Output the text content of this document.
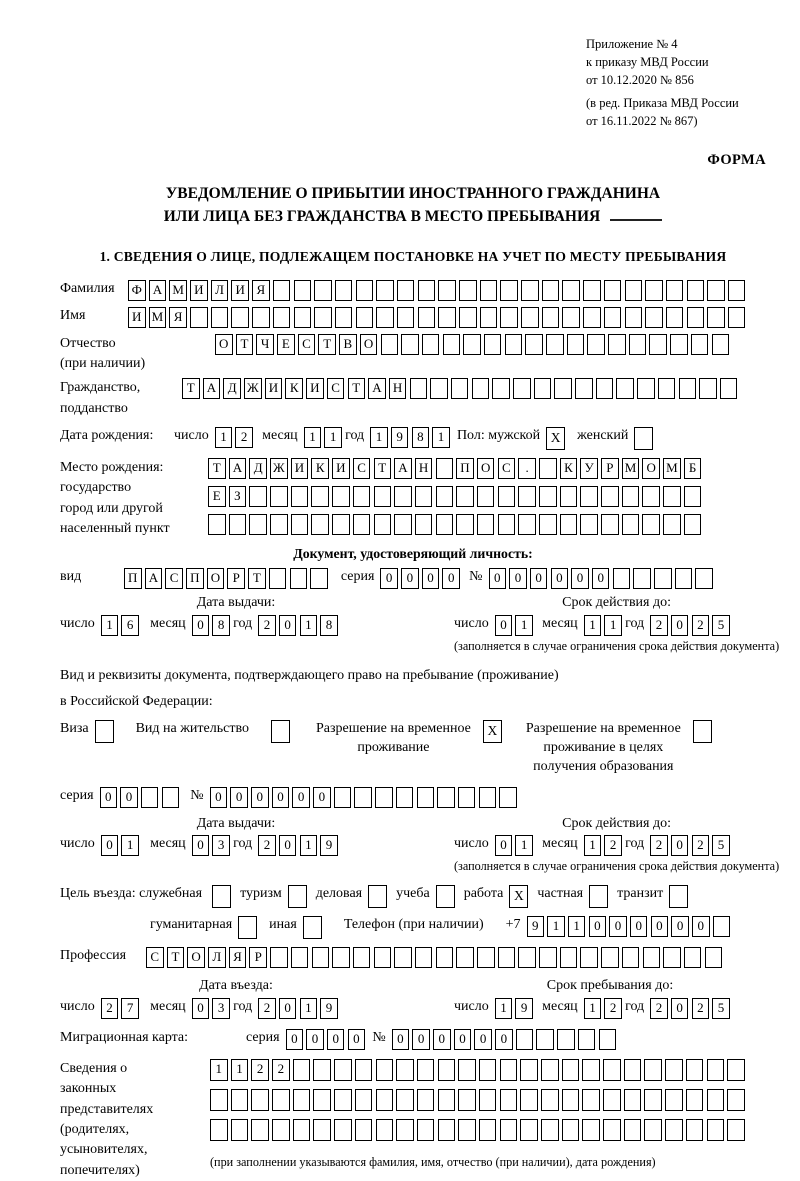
Приложение № 4
к приказу МВД России
от 10.12.2020 № 856
(в ред. Приказа МВД России
от 16.11.2022 № 867)
ФОРМА
УВЕДОМЛЕНИЕ О ПРИБЫТИИ ИНОСТРАННОГО ГРАЖДАНИНА
ИЛИ ЛИЦА БЕЗ ГРАЖДАНСТВА В МЕСТО ПРЕБЫВАНИЯ
1. СВЕДЕНИЯ О ЛИЦЕ, ПОДЛЕЖАЩЕМ ПОСТАНОВКЕ НА УЧЕТ ПО МЕСТУ ПРЕБЫВАНИЯ
Фамилия	Ф А М И Л И Я
Имя	И М Я
Отчество
(при наличии)
О Т Ч Е С Т В О
Гражданство,
подданство
Т А Д Ж И К И С Т А Н
Дата рождения:	число 1 2	месяц 1 1 год 1 9 8 1 Пол: мужской X	женский
Место рождения:
государство
город или другой
населенный пункт
Т А Д Ж И К И С Т А Н П О С .	К У Р М О М Б
Е З
Документ, удостоверяющий личность:
вид	П А С П О Р Т	серия 0 0 0 0	№ 0 0 0 0 0 0
Дата выдачи:
число 1 6	месяц 0 8 год 2 0 1 8
Срок действия до:
число 0 1	месяц 1 1 год 2 0 2 5
(заполняется в случае ограничения срока действия документа)
Вид и реквизиты документа, подтверждающего право на пребывание (проживание)
в Российской Федерации:
Виза	Вид на жительство	Разрешение на временное
проживание
X	Разрешение на временное
проживание в целях
получения образования
серия 0 0	№ 0 0 0 0 0 0
Дата выдачи:
число 0 1	месяц 0 3 год 2 0 1 9
Срок действия до:
число 0 1	месяц 1 2 год 2 0 2 5
(заполняется в случае ограничения срока действия документа)
Цель въезда: служебная	туризм деловая учеба работа X частная транзит
гуманитарная	иная	Телефон (при наличии) +7 9 1 1 0 0 0 0 0 0
Профессия	С Т О Л Я Р
Дата въезда:
число 2 7	месяц 0 3 год 2 0 1 9
Срок пребывания до:
число 1 9	месяц 1 2 год 2 0 2 5
Миграционная карта:	серия 0 0 0 0 № 0 0 0 0 0 0
Сведения о
законных
представителях
(родителях,
усыновителях,
попечителях)
1 1 2 2
(при заполнении указываются фамилия, имя, отчество (при наличии), дата рождения)
